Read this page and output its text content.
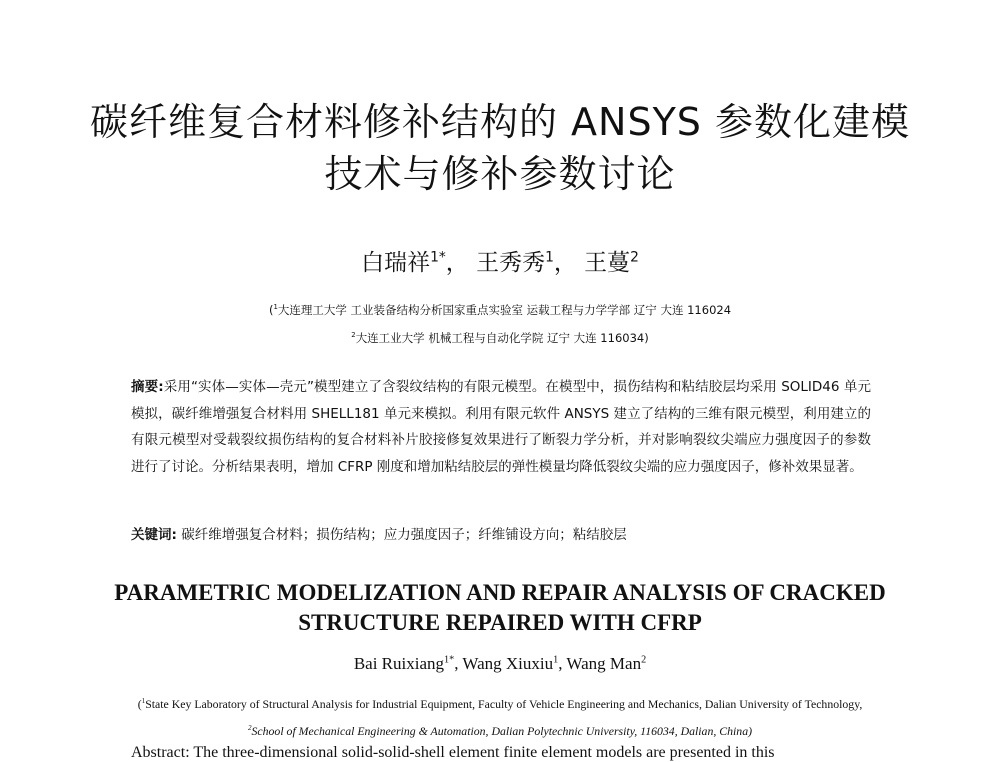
碳纤维复合材料修补结构的 ANSYS 参数化建模
技术与修补参数讨论
白瑞祥$^{1*}$， 王秀秀$^1$， 王蔓$^2$
($^1$大连理工大学 工业装备结构分析国家重点实验室 运载工程与力学学部 辽宁 大连 116024
$^2$大连工业大学 机械工程与自动化学院 辽宁 大连 116034)
摘要:采用“实体—实体—壳元”模型建立了含裂纹结构的有限元模型。在模型中，损伤结构和粘结胶层均采用 SOLID46 单元模拟，碳纤维增强复合材料用 SHELL181 单元来模拟。利用有限元软件 ANSYS 建立了结构的三维有限元模型，利用建立的有限元模型对受载裂纹损伤结构的复合材料补片胶接修复效果进行了断裂力学分析，并对影响裂纹尖端应力强度因子的参数进行了讨论。分析结果表明，增加 CFRP 刚度和增加粘结胶层的弹性模量均降低裂纹尖端的应力强度因子，修补效果显著。
关键词: 碳纤维增强复合材料；损伤结构；应力强度因子；纤维铺设方向；粘结胶层
PARAMETRIC MODELIZATION AND REPAIR ANALYSIS OF CRACKED
STRUCTURE REPAIRED WITH CFRP
Bai Ruixiang$^{1*}$, Wang Xiuxiu$^1$, Wang Man$^2$
($^1$State Key Laboratory of Structural Analysis for Industrial Equipment, Faculty of Vehicle Engineering and Mechanics, Dalian University of Technology,
$^2$School of Mechanical Engineering & Automation, Dalian Polytechnic University, 116034, Dalian, China)
Abstract: The three-dimensional solid-solid-shell element finite element models are presented in this
